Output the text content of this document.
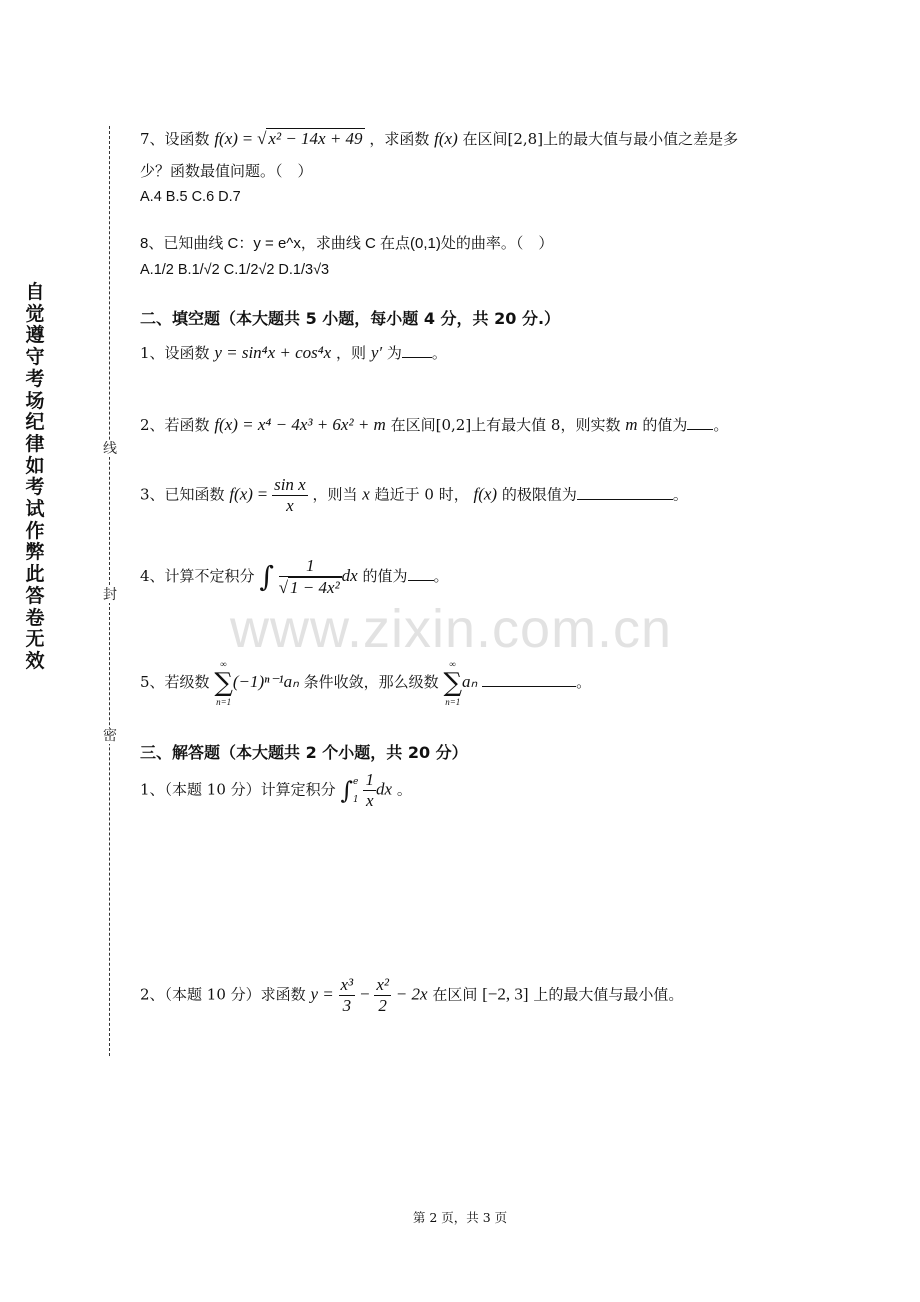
自
觉
遵
守
考
场
纪
律
如
考
试
作
弊
此
答
卷
无
效
线
封
密
www.zixin.com.cn
7、设函数 f(x) = √ x² − 14x + 49 ，求函数 f(x) 在区间[2,8]上的最大值与最小值之差是多
少？函数最值问题。（　）
A.4 B.5 C.6 D.7
8、已知曲线 C：y = e^x，求曲线 C 在点(0,1)处的曲率。（　）
A.1/2 B.1/√2 C.1/2√2 D.1/3√3
二、填空题（本大题共 5 小题，每小题 4 分，共 20 分.）
1、设函数 y = sin⁴x + cos⁴x ，则 y′ 为 。
2、若函数 f(x) = x⁴ − 4x³ + 6x² + m 在区间[0,2]上有最大值 8，则实数 m 的值为 。
3、已知函数 $f(x) = \frac{\text{sin x}}{x}$ ，则当 x 趋近于 0 时， f(x) 的极限值为	。
4、计算不定积分 ∫ $\frac{1}{\text{√ 1 − 4x²}}$ dx 的值为 。
5、若级数
∞
∑
n=1
(−1)ⁿ⁻¹aₙ 条件收敛，那么级数
∞
∑
n=1
aₙ	。
三、解答题（本大题共 2 个小题，共 20 分）
1、（本题 10 分）计算定积分 ∫ e
1
$\frac{1}{x}$ dx 。
2、（本题 10 分）求函数 $y = \frac{\text{x³}}{3} - \frac{\text{x²}}{2} - 2x$ 在区间 [−2, 3] 上的最大值与最小值。
第 2 页，共 3 页
